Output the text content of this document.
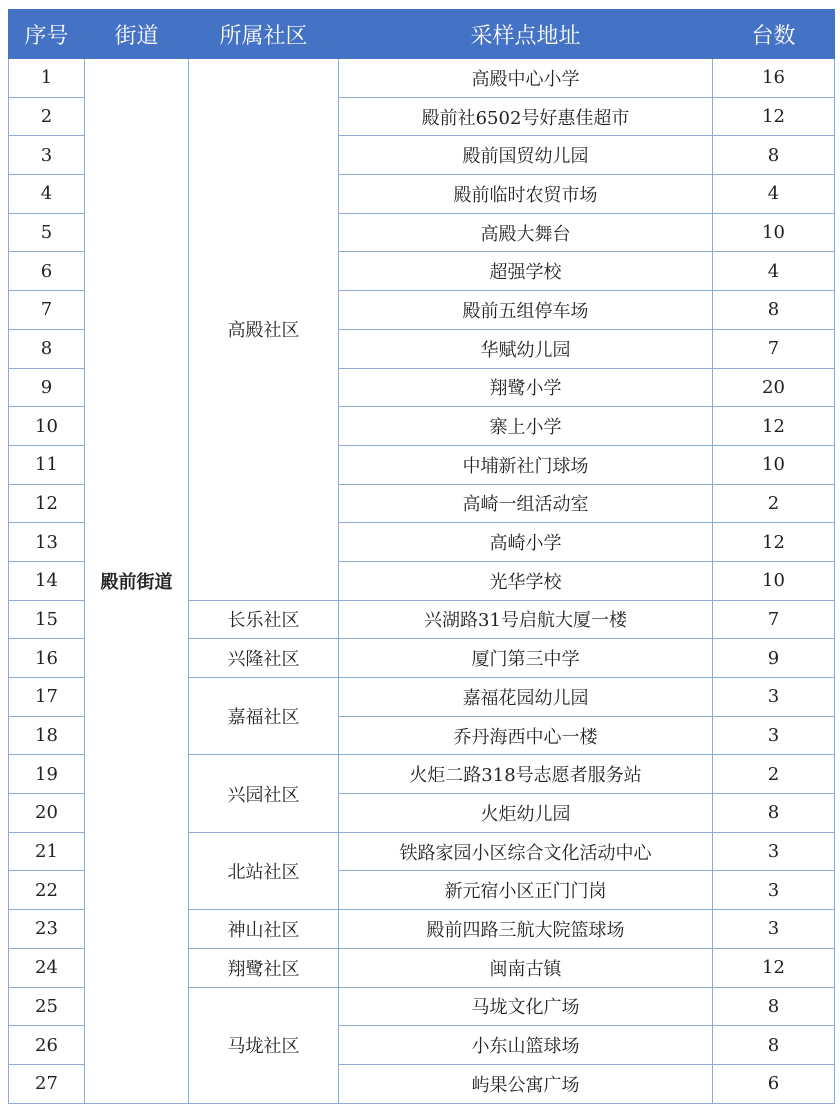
序号	街道	所属社区	采样点地址	台数
1	殿前街道	高殿社区	高殿中心小学	16
2			殿前社6502号好惠佳超市	12
3			殿前国贸幼儿园	8
4			殿前临时农贸市场	4
5			高殿大舞台	10
6			超强学校	4
7			殿前五组停车场	8
8			华赋幼儿园	7
9			翔鹭小学	20
10			寨上小学	12
11			中埔新社门球场	10
12			高崎一组活动室	2
13			高崎小学	12
14			光华学校	10
15		长乐社区	兴湖路31号启航大厦一楼	7
16		兴隆社区	厦门第三中学	9
17		嘉福社区	嘉福花园幼儿园	3
18			乔丹海西中心一楼	3
19		兴园社区	火炬二路318号志愿者服务站	2
20			火炬幼儿园	8
21		北站社区	铁路家园小区综合文化活动中心	3
22			新元宿小区正门门岗	3
23		神山社区	殿前四路三航大院篮球场	3
24		翔鹭社区	闽南古镇	12
25		马垅社区	马垅文化广场	8
26			小东山篮球场	8
27			屿果公寓广场	6
